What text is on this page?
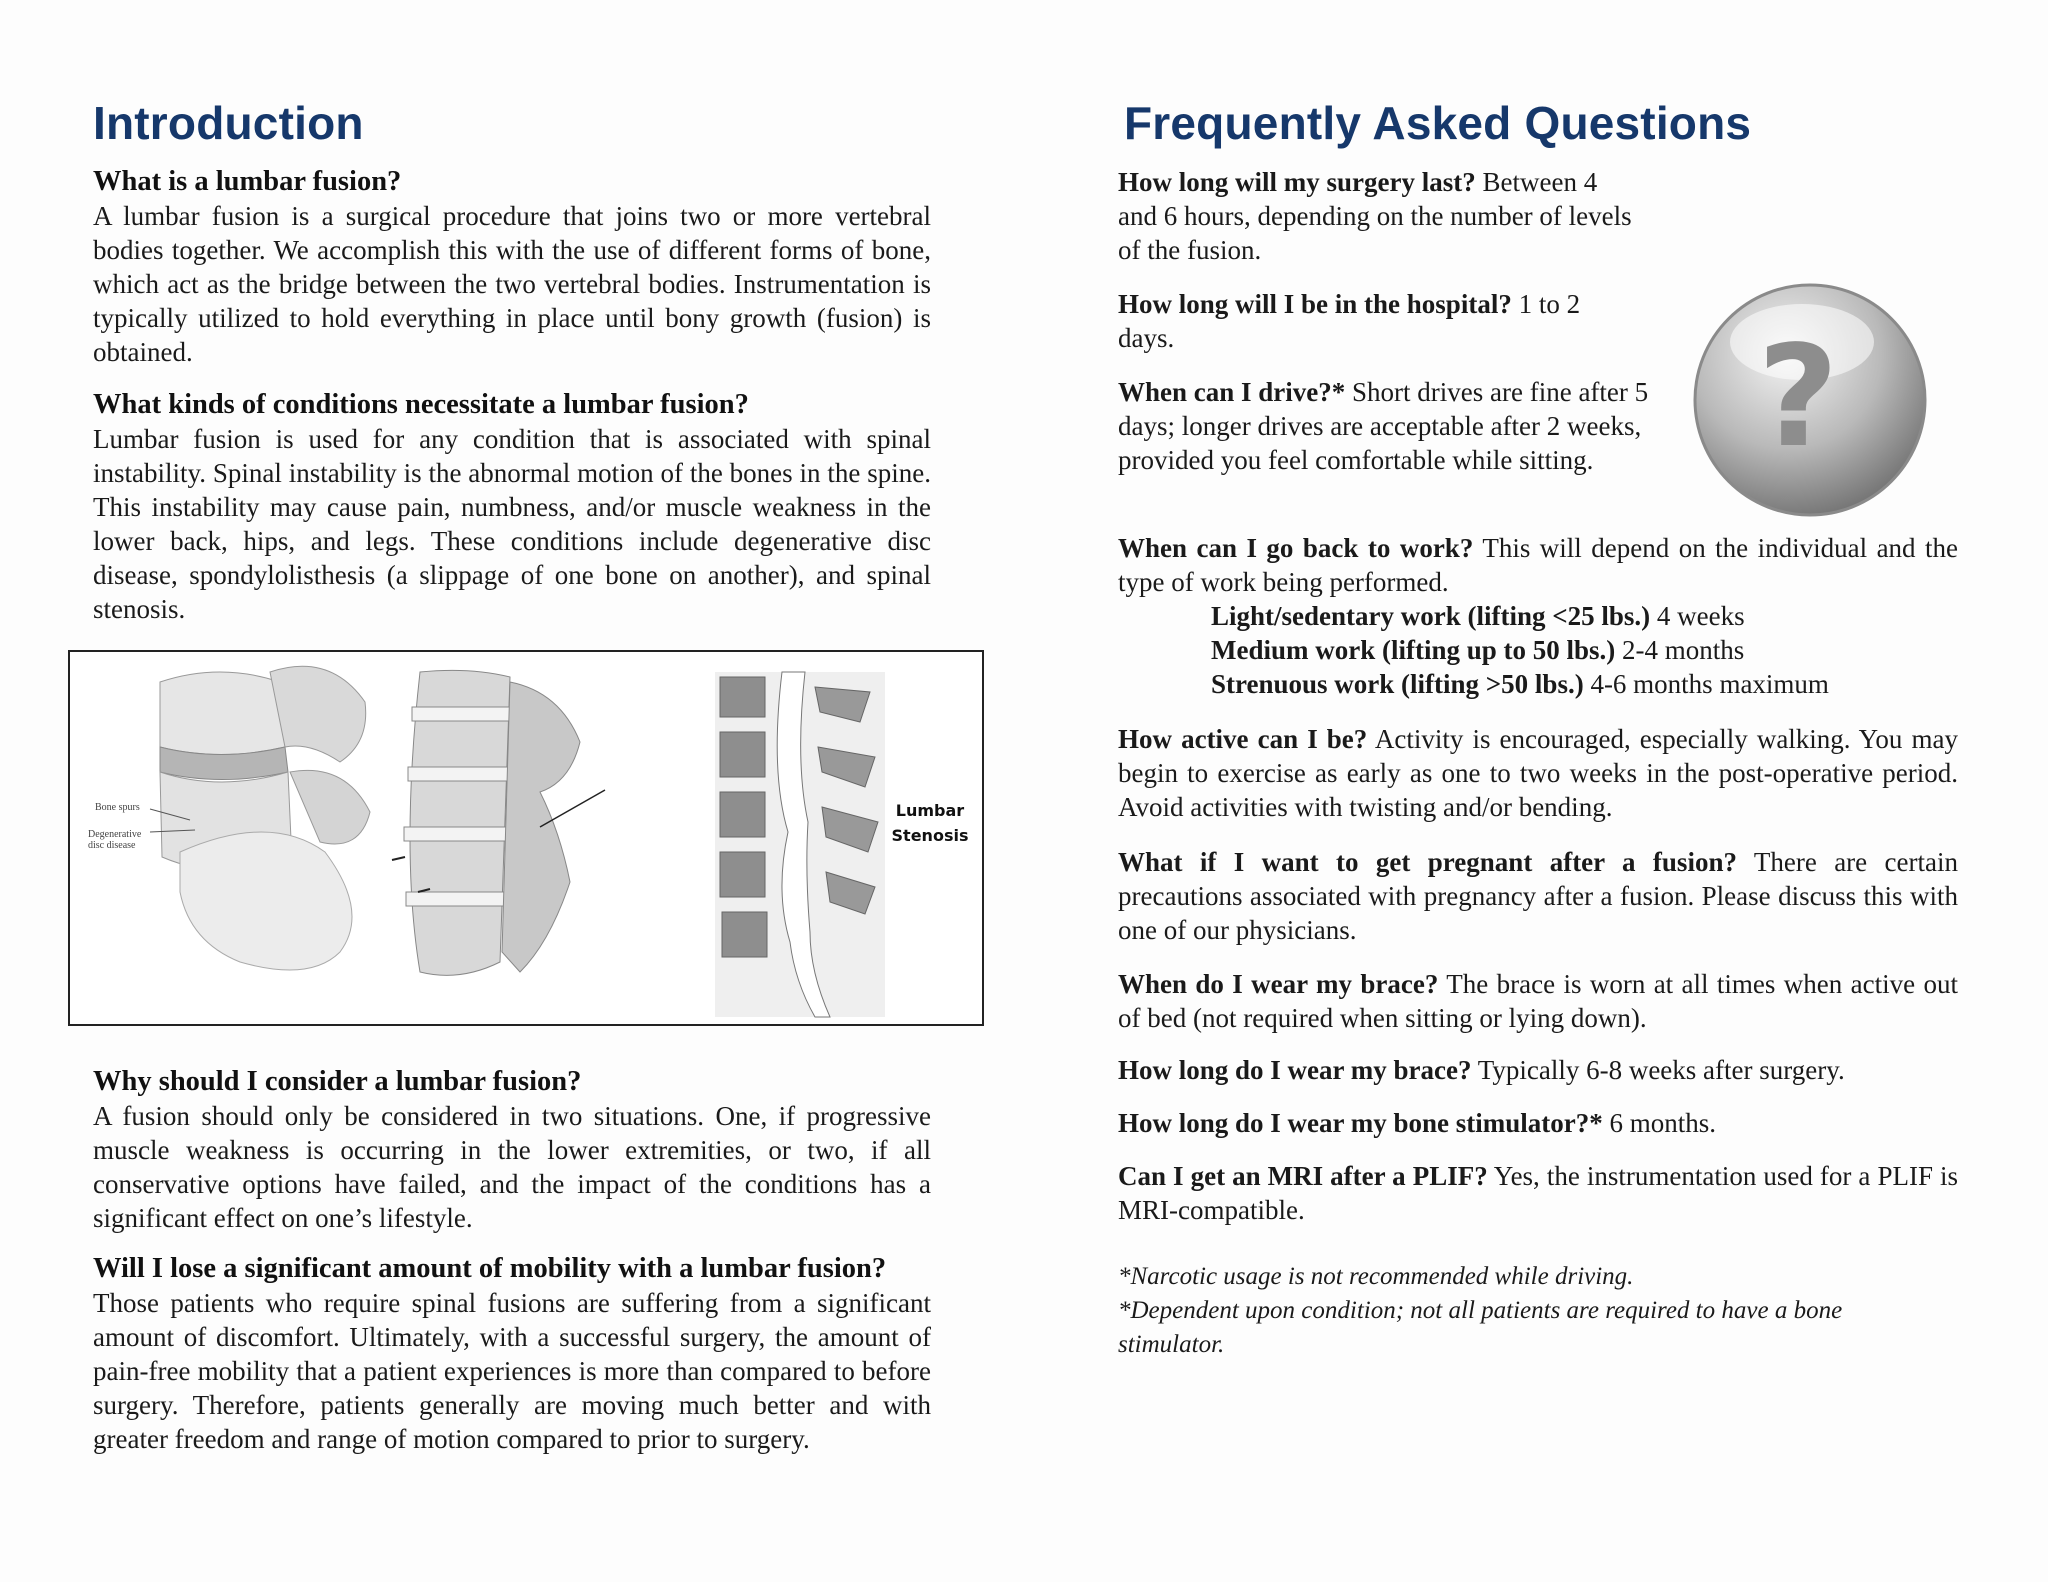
Introduction

What is a lumbar fusion?

A lumbar fusion is a surgical procedure that joins two or more vertebral bodies together. We accomplish this with the use of different forms of bone, which act as the bridge between the two vertebral bodies. Instrumentation is typically utilized to hold everything in place until bony growth (fusion) is obtained.

What kinds of conditions necessitate a lumbar fusion?

Lumbar fusion is used for any condition that is associated with spinal instability. Spinal instability is the abnormal motion of the bones in the spine. This instability may cause pain, numbness, and/or muscle weakness in the lower back, hips, and legs. These conditions include degenerative disc disease, spondylolisthesis (a slippage of one bone on another), and spinal stenosis.

Why should I consider a lumbar fusion?

A fusion should only be considered in two situations. One, if progressive muscle weakness is occurring in the lower extremities, or two, if all conservative options have failed, and the impact of the conditions has a significant effect on one’s lifestyle.

Will I lose a significant amount of mobility with a lumbar fusion?

Those patients who require spinal fusions are suffering from a significant amount of discomfort. Ultimately, with a successful surgery, the amount of pain-free mobility that a patient experiences is more than compared to before surgery. Therefore, patients generally are moving much better and with greater freedom and range of motion compared to prior to surgery.

Bone spurs
Degenerative disc disease
Lumbar
Stenosis
Frequently Asked Questions

How long will my surgery last? Between 4 and 6 hours, depending on the number of levels of the fusion.

How long will I be in the hospital? 1 to 2 days.

When can I drive?* Short drives are fine after 5 days; longer drives are acceptable after 2 weeks, provided you feel comfortable while sitting.	?

When can I go back to work? This will depend on the individual and the type of work being performed.

Light/sedentary work (lifting <25 lbs.) 4 weeks

Medium work (lifting up to 50 lbs.) 2-4 months

Strenuous work (lifting >50 lbs.) 4-6 months maximum

How active can I be? Activity is encouraged, especially walking. You may begin to exercise as early as one to two weeks in the post-operative period. Avoid activities with twisting and/or bending.

What if I want to get pregnant after a fusion? There are certain precautions associated with pregnancy after a fusion. Please discuss this with one of our physicians.

When do I wear my brace? The brace is worn at all times when active out of bed (not required when sitting or lying down).

How long do I wear my brace? Typically 6-8 weeks after surgery.

How long do I wear my bone stimulator?* 6 months.

Can I get an MRI after a PLIF? Yes, the instrumentation used for a PLIF is MRI-compatible.

*Narcotic usage is not recommended while driving.

*Dependent upon condition; not all patients are required to have a bone stimulator.
